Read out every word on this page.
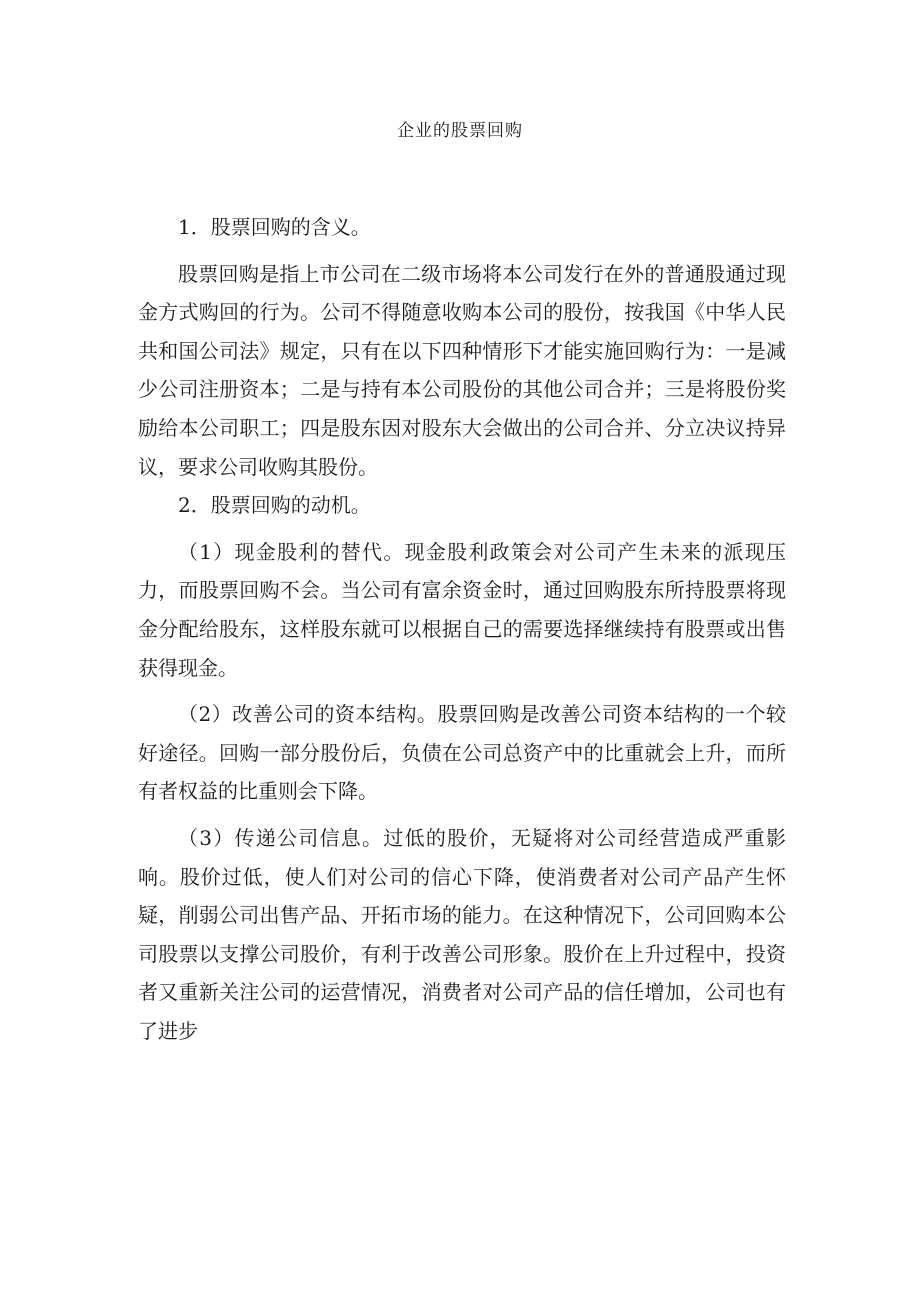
企业的股票回购

1．股票回购的含义。

股票回购是指上市公司在二级市场将本公司发行在外的普通股通过现金方式购回的行为。公司不得随意收购本公司的股份，按我国《中华人民共和国公司法》规定，只有在以下四种情形下才能实施回购行为：一是减少公司注册资本；二是与持有本公司股份的其他公司合并；三是将股份奖励给本公司职工；四是股东因对股东大会做出的公司合并、分立决议持异议，要求公司收购其股份。

2．股票回购的动机。

（1）现金股利的替代。现金股利政策会对公司产生未来的派现压力，而股票回购不会。当公司有富余资金时，通过回购股东所持股票将现金分配给股东，这样股东就可以根据自己的需要选择继续持有股票或出售获得现金。

（2）改善公司的资本结构。股票回购是改善公司资本结构的一个较好途径。回购一部分股份后，负债在公司总资产中的比重就会上升，而所有者权益的比重则会下降。

（3）传递公司信息。过低的股价，无疑将对公司经营造成严重影响。股价过低，使人们对公司的信心下降，使消费者对公司产品产生怀疑，削弱公司出售产品、开拓市场的能力。在这种情况下，公司回购本公司股票以支撑公司股价，有利于改善公司形象。股价在上升过程中，投资者又重新关注公司的运营情况，消费者对公司产品的信任增加，公司也有了进步
